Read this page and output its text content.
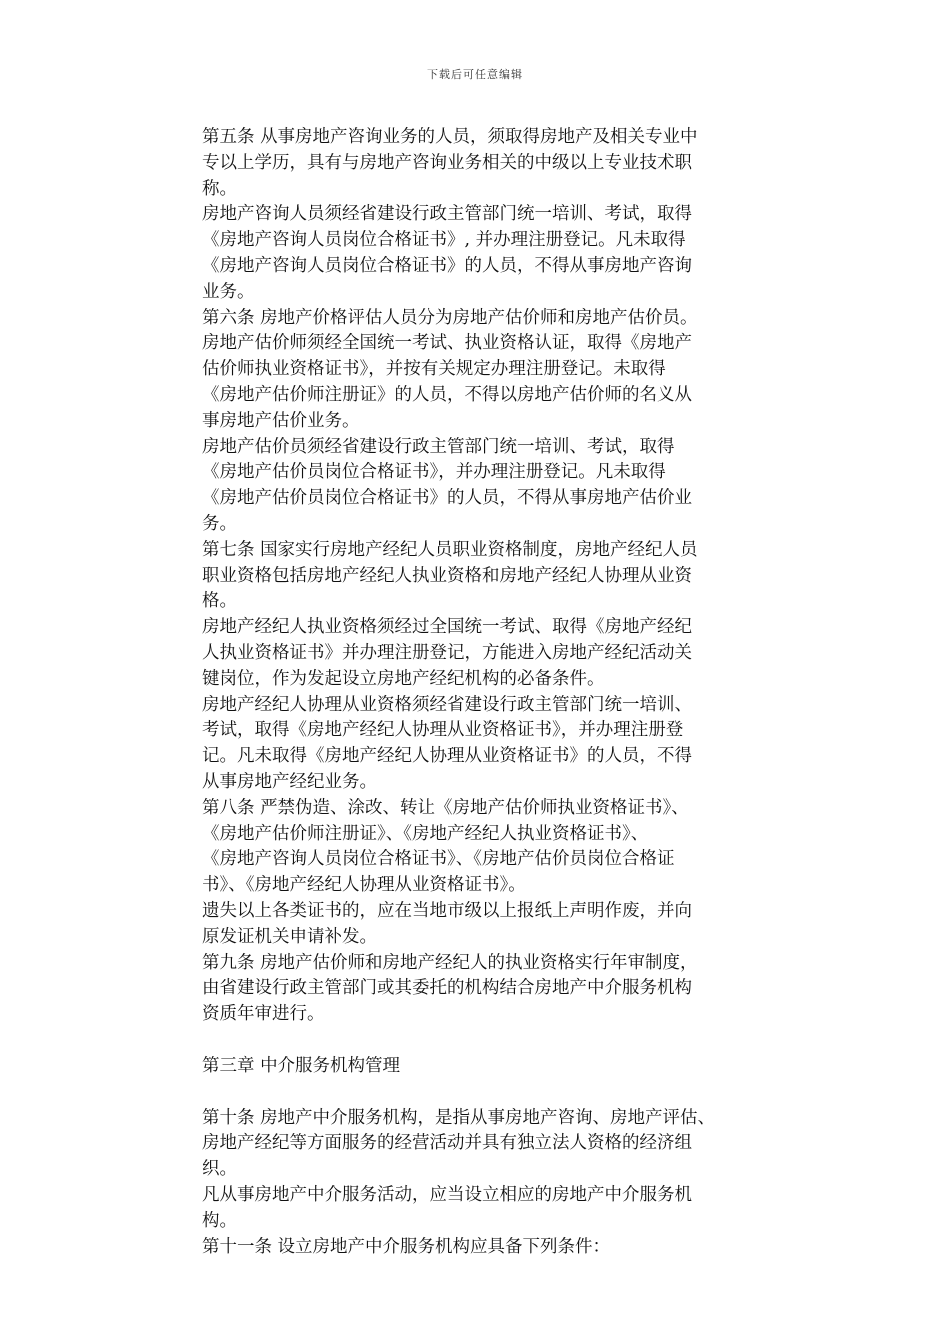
下载后可任意编辑
第五条 从事房地产咨询业务的人员，须取得房地产及相关专业中
专以上学历，具有与房地产咨询业务相关的中级以上专业技术职
称。
房地产咨询人员须经省建设行政主管部门统一培训、考试，取得
《房地产咨询人员岗位合格证书》, 并办理注册登记。凡未取得
《房地产咨询人员岗位合格证书》的人员，不得从事房地产咨询
业务。
第六条 房地产价格评估人员分为房地产估价师和房地产估价员。
房地产估价师须经全国统一考试、执业资格认证，取得《房地产
估价师执业资格证书》，并按有关规定办理注册登记。未取得
《房地产估价师注册证》的人员，不得以房地产估价师的名义从
事房地产估价业务。
房地产估价员须经省建设行政主管部门统一培训、考试，取得
《房地产估价员岗位合格证书》，并办理注册登记。凡未取得
《房地产估价员岗位合格证书》的人员，不得从事房地产估价业
务。
第七条 国家实行房地产经纪人员职业资格制度，房地产经纪人员
职业资格包括房地产经纪人执业资格和房地产经纪人协理从业资
格。
房地产经纪人执业资格须经过全国统一考试、取得《房地产经纪
人执业资格证书》并办理注册登记，方能进入房地产经纪活动关
键岗位，作为发起设立房地产经纪机构的必备条件。
房地产经纪人协理从业资格须经省建设行政主管部门统一培训、
考试，取得《房地产经纪人协理从业资格证书》，并办理注册登
记。凡未取得《房地产经纪人协理从业资格证书》的人员，不得
从事房地产经纪业务。
第八条 严禁伪造、涂改、转让《房地产估价师执业资格证书》、
《房地产估价师注册证》、《房地产经纪人执业资格证书》、
《房地产咨询人员岗位合格证书》、《房地产估价员岗位合格证
书》、《房地产经纪人协理从业资格证书》。
遗失以上各类证书的，应在当地市级以上报纸上声明作废，并向
原发证机关申请补发。
第九条 房地产估价师和房地产经纪人的执业资格实行年审制度，
由省建设行政主管部门或其委托的机构结合房地产中介服务机构
资质年审进行。
第三章 中介服务机构管理
第十条 房地产中介服务机构，是指从事房地产咨询、房地产评估、
房地产经纪等方面服务的经营活动并具有独立法人资格的经济组
织。
凡从事房地产中介服务活动，应当设立相应的房地产中介服务机
构。
第十一条 设立房地产中介服务机构应具备下列条件：
